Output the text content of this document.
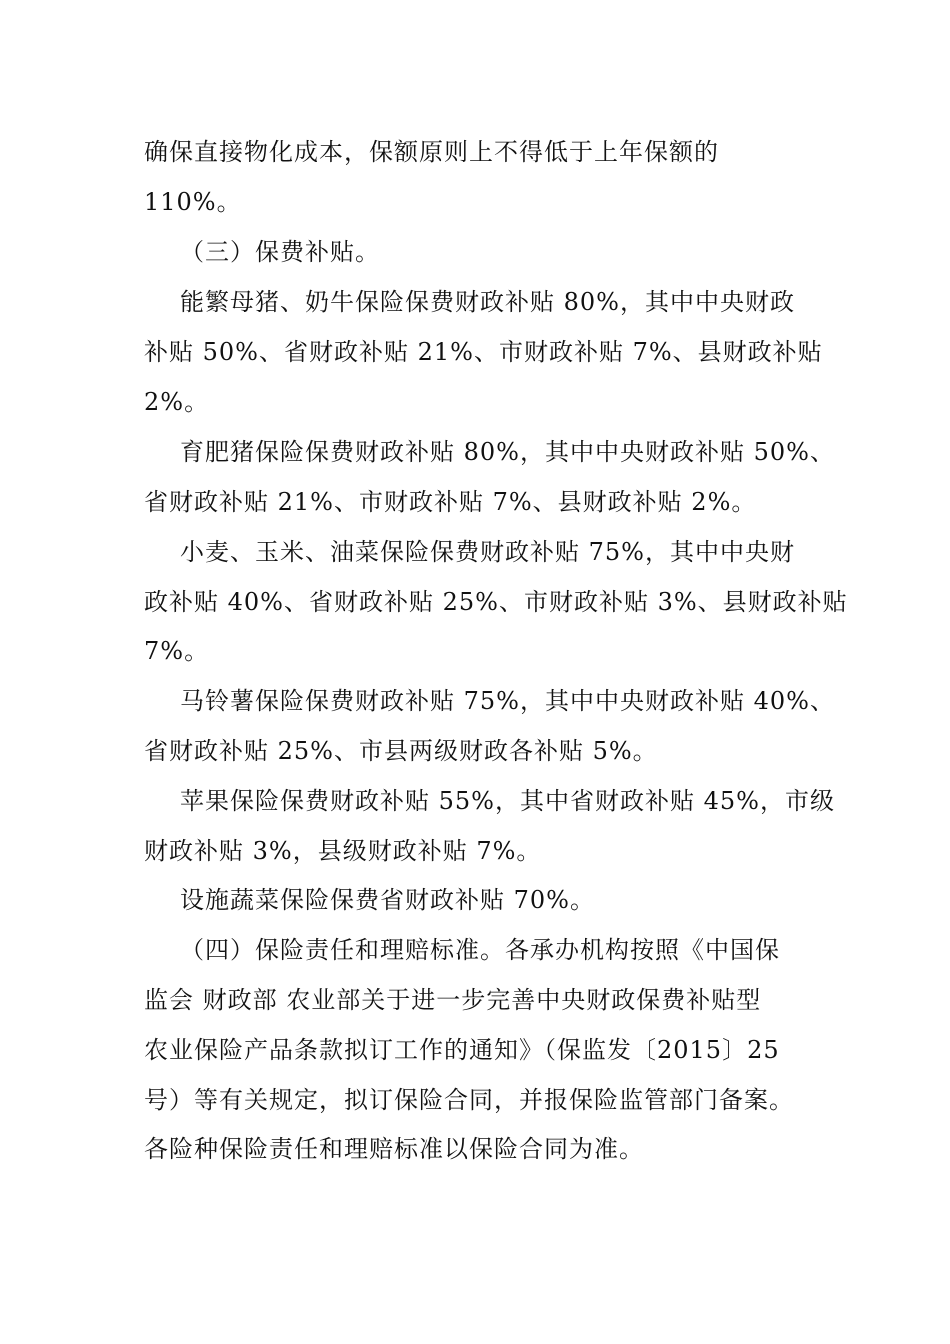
确保直接物化成本，保额原则上不得低于上年保额的
110%。
（三）保费补贴。
能繁母猪、奶牛保险保费财政补贴 80%，其中中央财政
补贴 50%、省财政补贴 21%、市财政补贴 7%、县财政补贴
2%。
育肥猪保险保费财政补贴 80%，其中中央财政补贴 50%、
省财政补贴 21%、市财政补贴 7%、县财政补贴 2%。
小麦、玉米、油菜保险保费财政补贴 75%，其中中央财
政补贴 40%、省财政补贴 25%、市财政补贴 3%、县财政补贴
7%。
马铃薯保险保费财政补贴 75%，其中中央财政补贴 40%、
省财政补贴 25%、市县两级财政各补贴 5%。
苹果保险保费财政补贴 55%，其中省财政补贴 45%，市级
财政补贴 3%，县级财政补贴 7%。
设施蔬菜保险保费省财政补贴 70%。
（四）保险责任和理赔标准。各承办机构按照《中国保
监会 财政部 农业部关于进一步完善中央财政保费补贴型
农业保险产品条款拟订工作的通知》（保监发〔2015〕25
号）等有关规定，拟订保险合同，并报保险监管部门备案。
各险种保险责任和理赔标准以保险合同为准。
